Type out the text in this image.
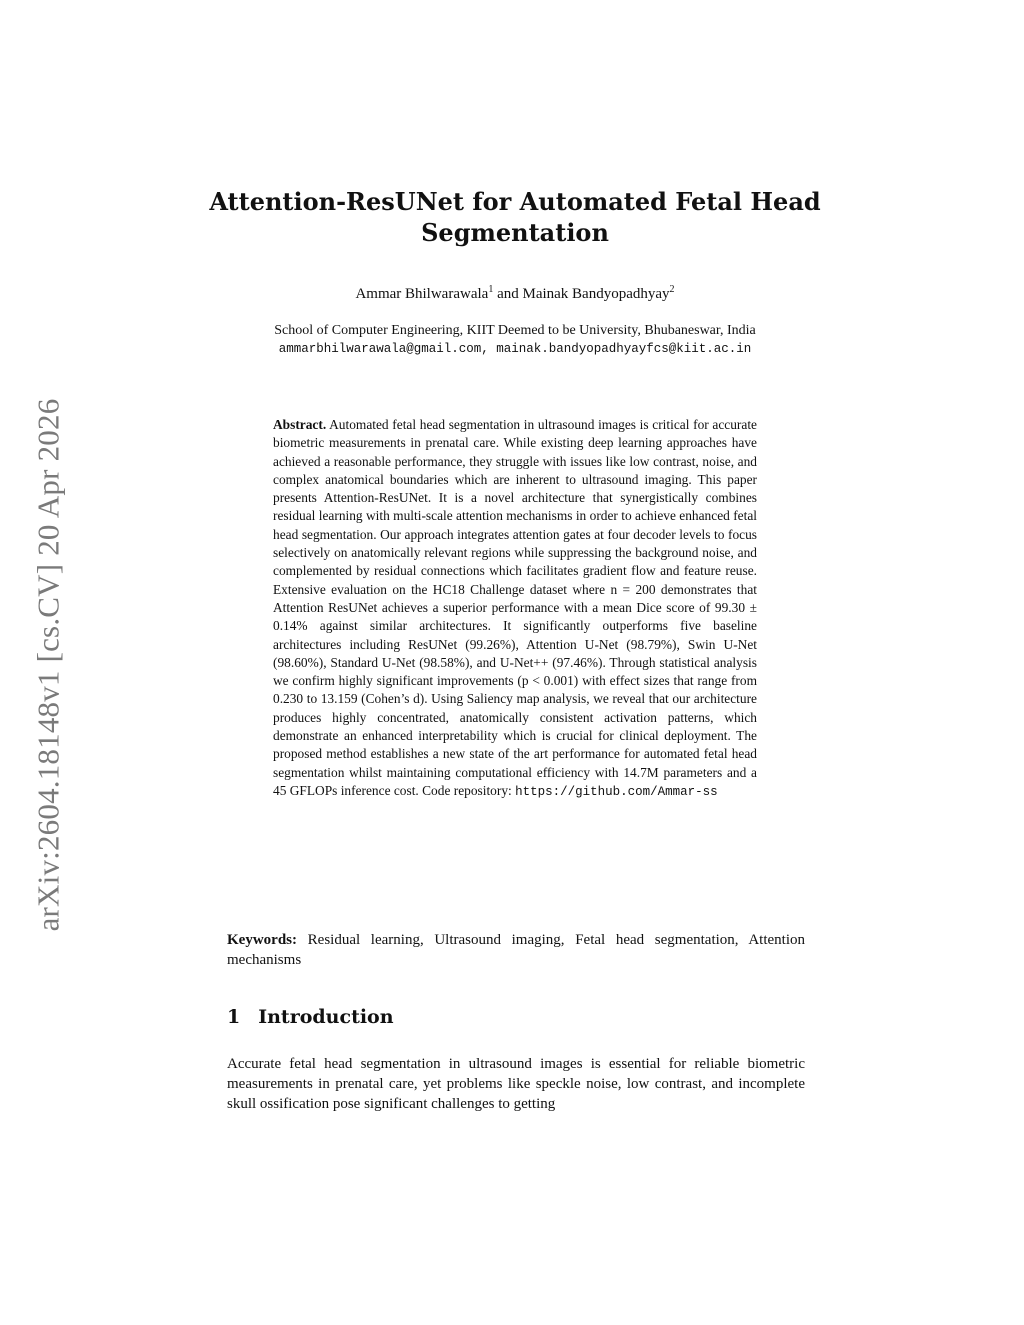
arXiv:2604.18148v1 [cs.CV] 20 Apr 2026
Attention-ResUNet for Automated Fetal Head Segmentation
Ammar Bhilwarawala$^1$ and Mainak Bandyopadhyay$^2$
School of Computer Engineering, KIIT Deemed to be University, Bhubaneswar, India
ammarbhilwarawala@gmail.com, mainak.bandyopadhyayfcs@kiit.ac.in
Abstract. Automated fetal head segmentation in ultrasound images is critical for accurate biometric measurements in prenatal care. While existing deep learning approaches have achieved a reasonable performance, they struggle with issues like low contrast, noise, and complex anatomical boundaries which are inherent to ultrasound imaging. This paper presents Attention-ResUNet. It is a novel architecture that synergistically combines residual learning with multi-scale attention mechanisms in order to achieve enhanced fetal head segmentation. Our approach integrates attention gates at four decoder levels to focus selectively on anatomically relevant regions while suppressing the background noise, and complemented by residual connections which facilitates gradient flow and feature reuse. Extensive evaluation on the HC18 Challenge dataset where n = 200 demonstrates that Attention ResUNet achieves a superior performance with a mean Dice score of 99.30 ± 0.14% against similar architectures. It significantly outperforms five baseline architectures including ResUNet (99.26%), Attention U-Net (98.79%), Swin U-Net (98.60%), Standard U-Net (98.58%), and U-Net++ (97.46%). Through statistical analysis we confirm highly significant improvements (p < 0.001) with effect sizes that range from 0.230 to 13.159 (Cohen’s d). Using Saliency map analysis, we reveal that our architecture produces highly concentrated, anatomically consistent activation patterns, which demonstrate an enhanced interpretability which is crucial for clinical deployment. The proposed method establishes a new state of the art performance for automated fetal head segmentation whilst maintaining computational efficiency with 14.7M parameters and a 45 GFLOPs inference cost. Code repository: https://github.com/Ammar-ss
Keywords: Residual learning, Ultrasound imaging, Fetal head segmentation, Attention mechanisms
1 Introduction
Accurate fetal head segmentation in ultrasound images is essential for reliable biometric measurements in prenatal care, yet problems like speckle noise, low contrast, and incomplete skull ossification pose significant challenges to getting
